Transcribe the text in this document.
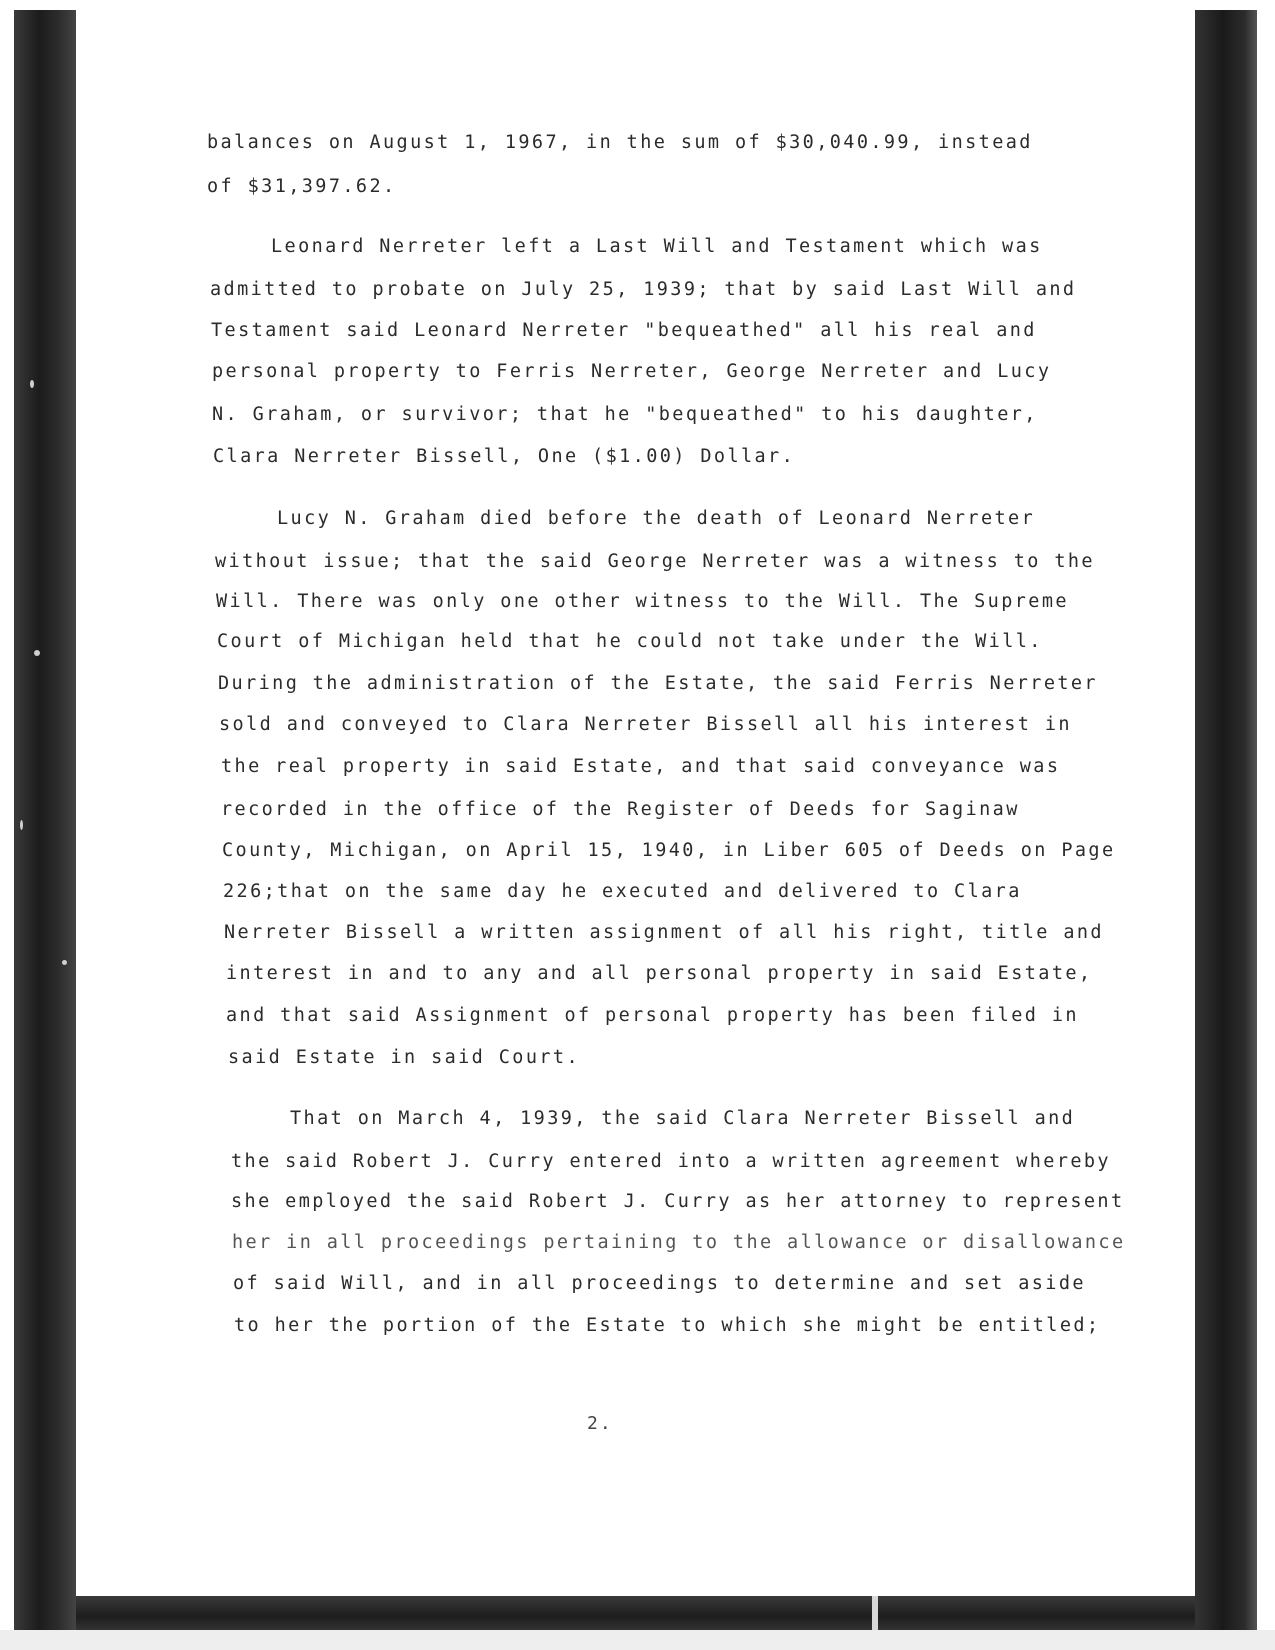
balances on August 1, 1967, in the sum of $30,040.99, instead
of $31,397.62.
Leonard Nerreter left a Last Will and Testament which was
admitted to probate on July 25, 1939; that by said Last Will and
Testament said Leonard Nerreter "bequeathed" all his real and
personal property to Ferris Nerreter, George Nerreter and Lucy
N. Graham, or survivor; that he "bequeathed" to his daughter,
Clara Nerreter Bissell, One ($1.00) Dollar.
Lucy N. Graham died before the death of Leonard Nerreter
without issue; that the said George Nerreter was a witness to the
Will. There was only one other witness to the Will. The Supreme
Court of Michigan held that he could not take under the Will.
During the administration of the Estate, the said Ferris Nerreter
sold and conveyed to Clara Nerreter Bissell all his interest in
the real property in said Estate, and that said conveyance was
recorded in the office of the Register of Deeds for Saginaw
County, Michigan, on April 15, 1940, in Liber 605 of Deeds on Page
226;that on the same day he executed and delivered to Clara
Nerreter Bissell a written assignment of all his right, title and
interest in and to any and all personal property in said Estate,
and that said Assignment of personal property has been filed in
said Estate in said Court.
That on March 4, 1939, the said Clara Nerreter Bissell and
the said Robert J. Curry entered into a written agreement whereby
she employed the said Robert J. Curry as her attorney to represent
her in all proceedings pertaining to the allowance or disallowance
of said Will, and in all proceedings to determine and set aside
to her the portion of the Estate to which she might be entitled;
2.
